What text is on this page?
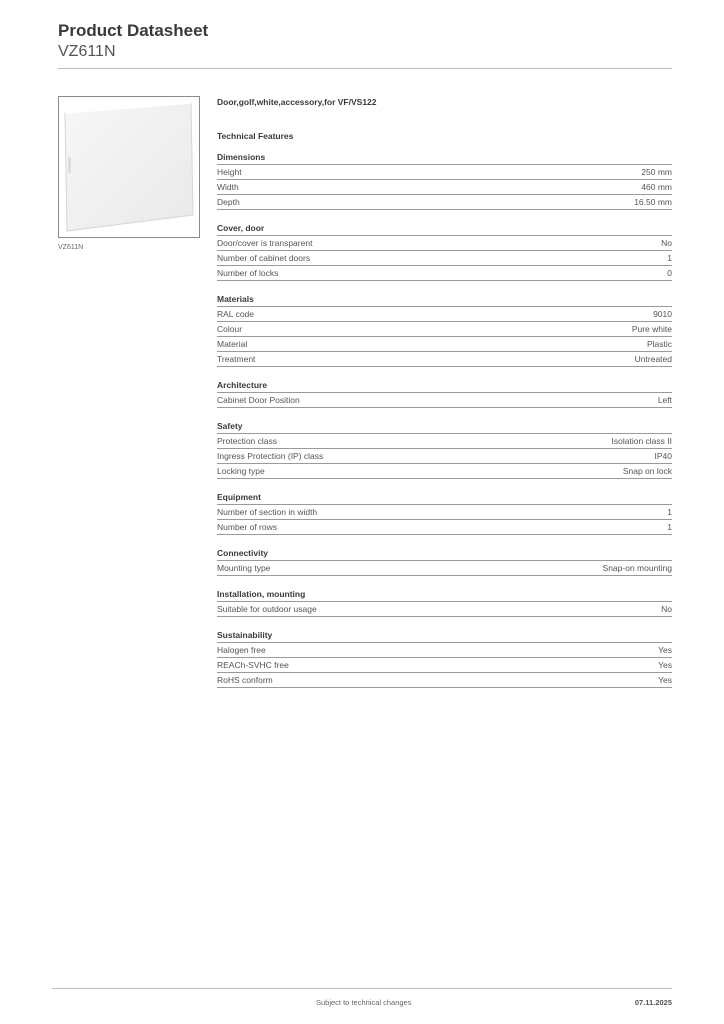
Product Datasheet
VZ611N
VZ611N
Door,golf,white,accessory,for VF/VS122
Technical Features
Dimensions
Height	250 mm
Width	460 mm
Depth	16.50 mm
Cover, door
Door/cover is transparent	No
Number of cabinet doors	1
Number of locks	0
Materials
RAL code	9010
Colour	Pure white
Material	Plastic
Treatment	Untreated
Architecture
Cabinet Door Position	Left
Safety
Protection class	Isolation class II
Ingress Protection (IP) class	IP40
Locking type	Snap on lock
Equipment
Number of section in width	1
Number of rows	1
Connectivity
Mounting type	Snap-on mounting
Installation, mounting
Suitable for outdoor usage	No
Sustainability
Halogen free	Yes
REACh-SVHC free	Yes
RoHS conform	Yes
Subject to technical changes	07.11.2025
